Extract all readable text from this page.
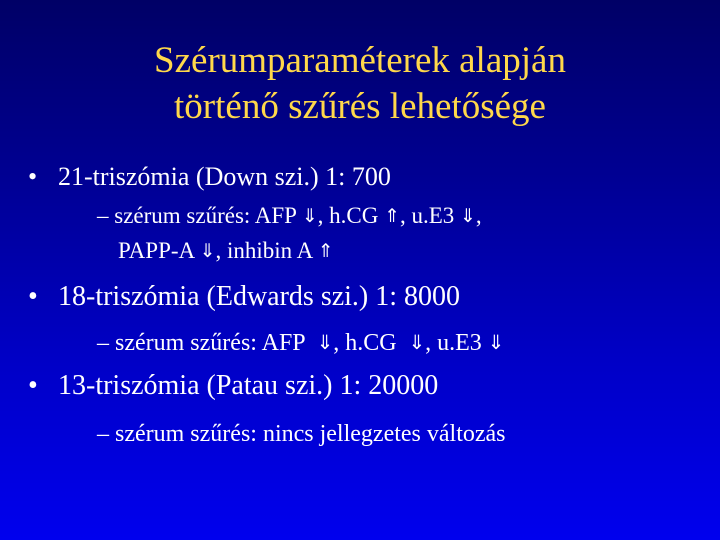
Szérumparaméterek alapján
történő szűrés lehetősége
• 21-triszómia (Down szi.) 1: 700
– szérum szűrés: AFP ⇓, h.CG ⇑, u.E3 ⇓,
PAPP-A ⇓, inhibin A ⇑
• 18-triszómia (Edwards szi.) 1: 8000
– szérum szűrés: AFP ⇓, h.CG ⇓, u.E3 ⇓
• 13-triszómia (Patau szi.) 1: 20000
– szérum szűrés: nincs jellegzetes változás
